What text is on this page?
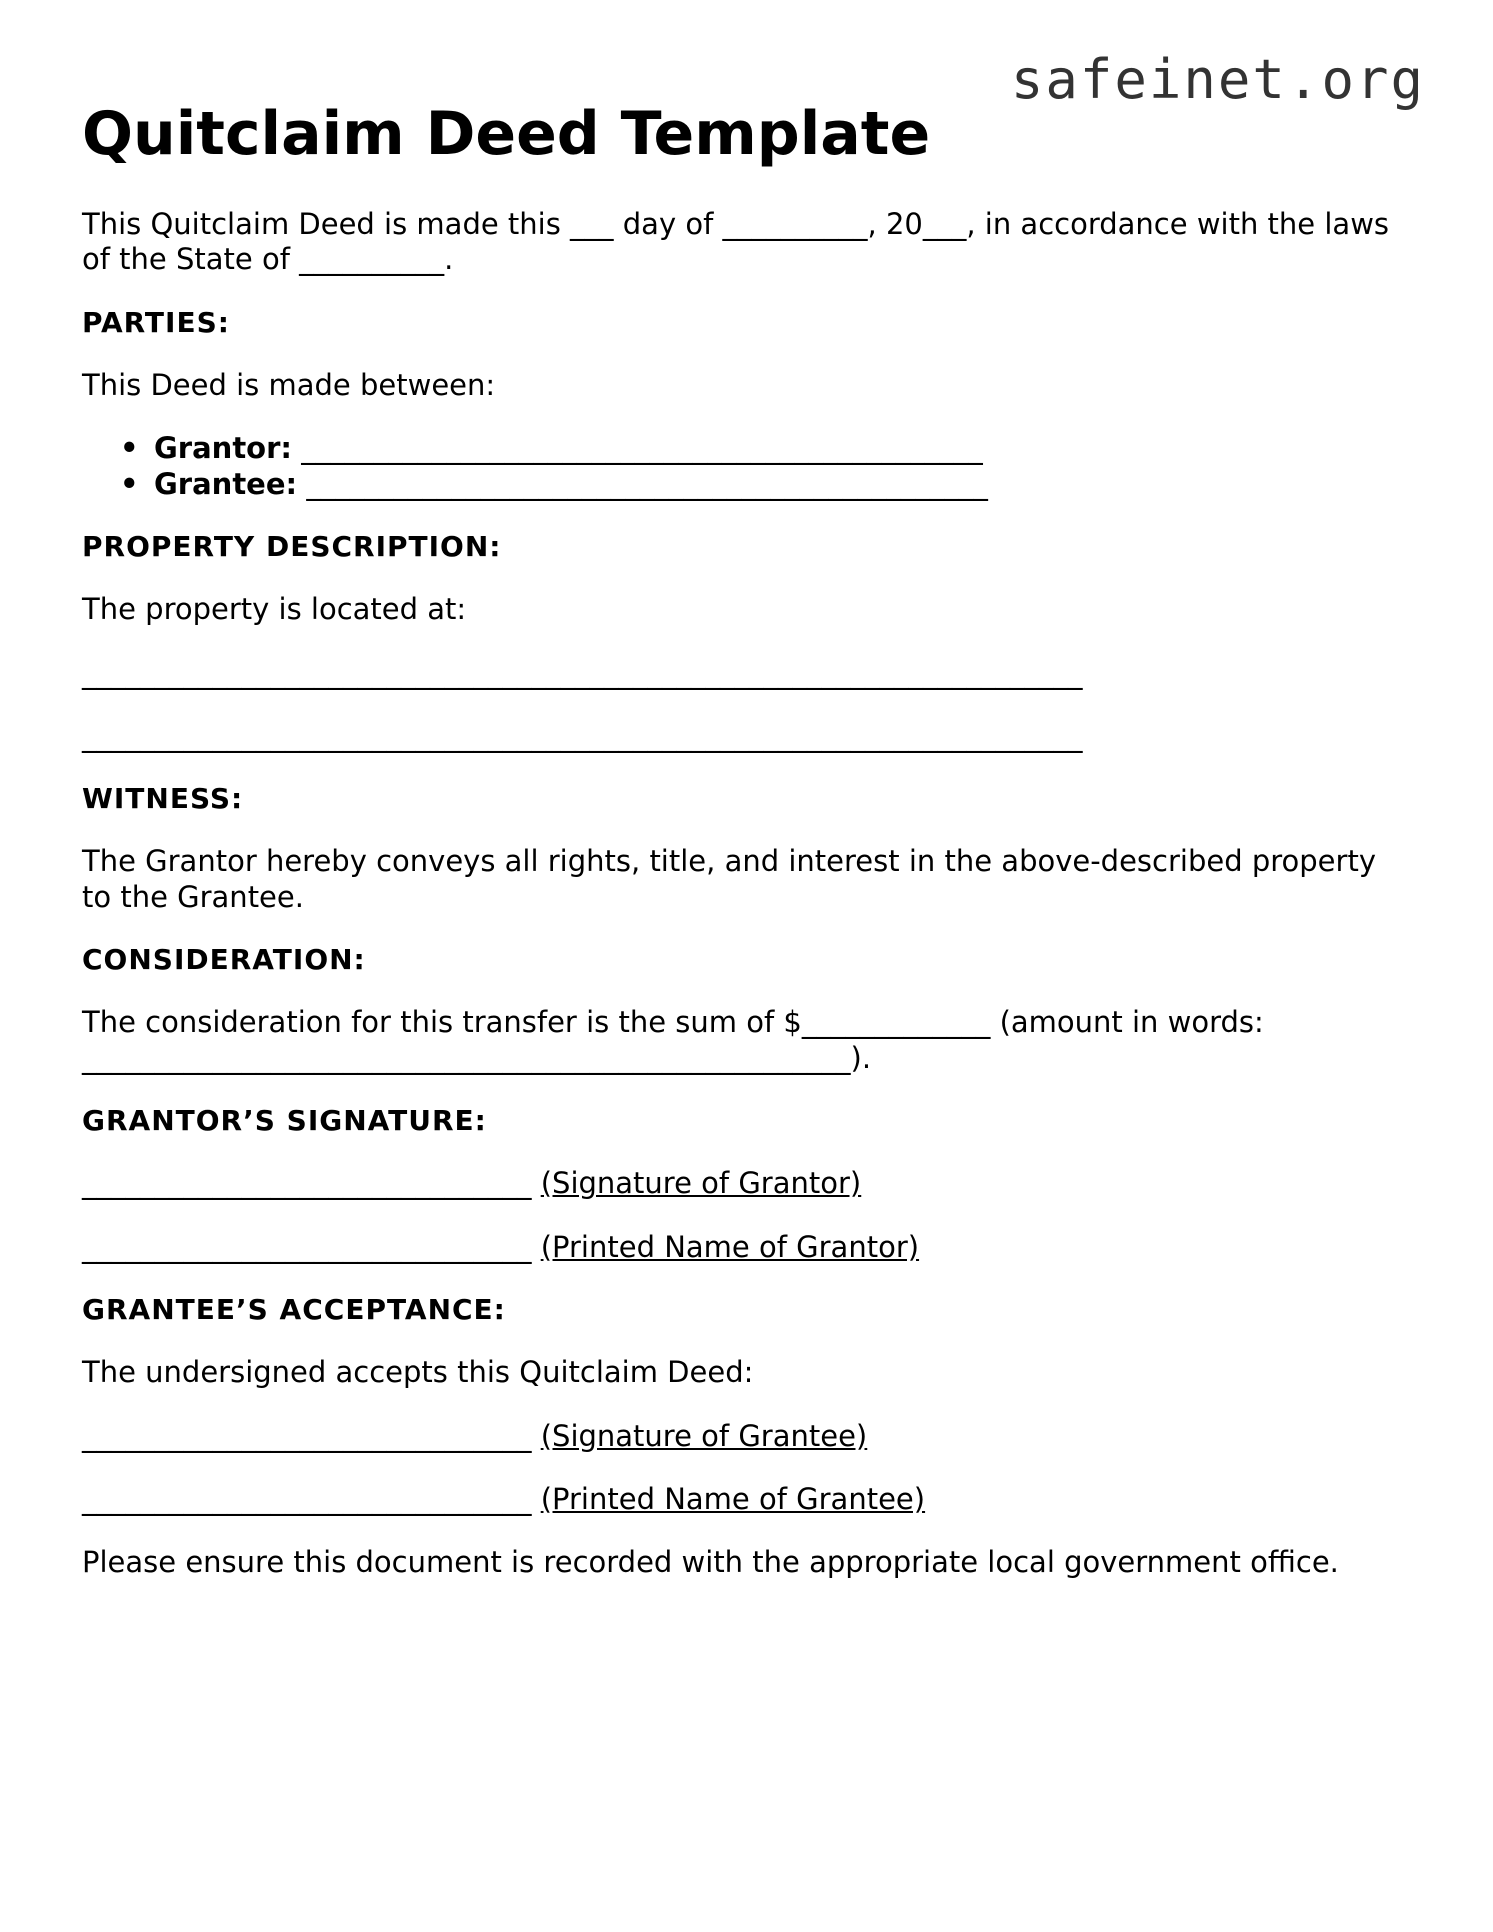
safeinet.org
Quitclaim Deed Template

This Quitclaim Deed is made this ___ day of __________, 20___, in accordance with the laws of the State of __________.

PARTIES:

This Deed is made between:

• Grantor: _______________________________________________
• Grantee: _______________________________________________
PROPERTY DESCRIPTION:

The property is located at:

_____________________________________________________________________
_____________________________________________________________________
WITNESS:

The Grantor hereby conveys all rights, title, and interest in the above-described property to the Grantee.

CONSIDERATION:

The consideration for this transfer is the sum of $_____________ (amount in words: _____________________________________________________).

GRANTOR’S SIGNATURE:
_______________________________ (Signature of Grantor)
_______________________________ (Printed Name of Grantor)
GRANTEE’S ACCEPTANCE:

The undersigned accepts this Quitclaim Deed:

_______________________________ (Signature of Grantee)
_______________________________ (Printed Name of Grantee)

Please ensure this document is recorded with the appropriate local government office.
